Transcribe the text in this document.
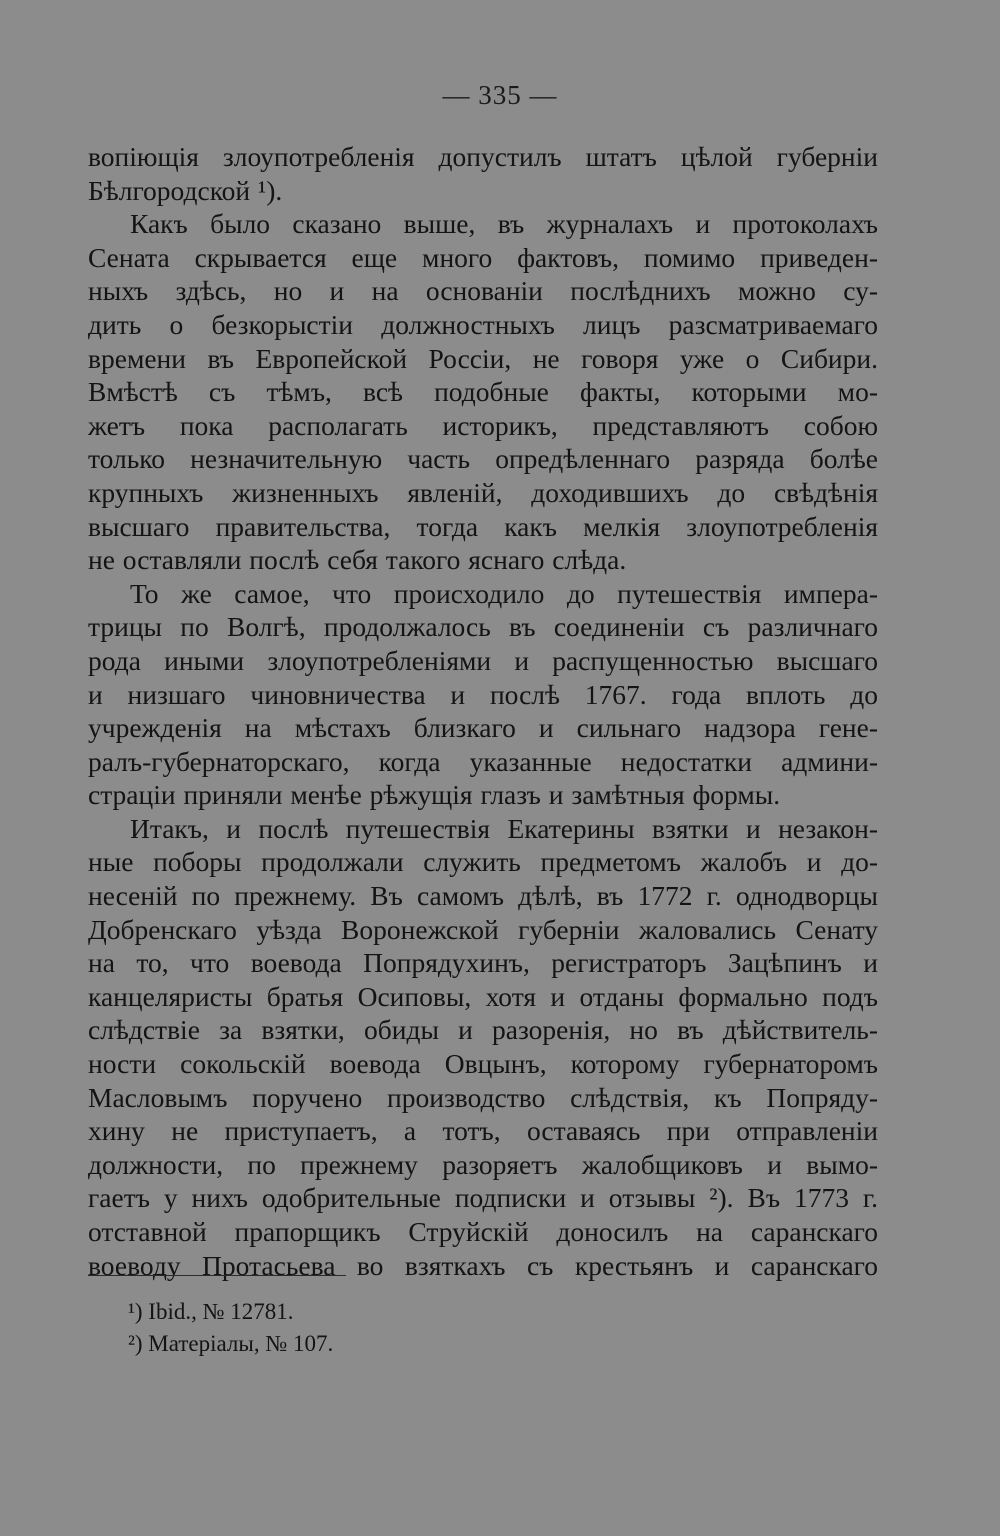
— 335 —
вопіющія злоупотребленія допустилъ штатъ цѣлой губерніи
Бѣлгородской ¹).
Какъ было сказано выше, въ журналахъ и протоколахъ
Сената скрывается еще много фактовъ, помимо приведен-
ныхъ здѣсь, но и на основаніи послѣднихъ можно су-
дить о безкорыстіи должностныхъ лицъ разсматриваемаго
времени въ Европейской Россіи, не говоря уже о Сибири.
Вмѣстѣ съ тѣмъ, всѣ подобные факты, которыми мо-
жетъ пока располагать историкъ, представляютъ собою
только незначительную часть опредѣленнаго разряда болѣе
крупныхъ жизненныхъ явленій, доходившихъ до свѣдѣнія
высшаго правительства, тогда какъ мелкія злоупотребленія
не оставляли послѣ себя такого яснаго слѣда.
То же самое, что происходило до путешествія импера-
трицы по Волгѣ, продолжалось въ соединеніи съ различнаго
рода иными злоупотребленіями и распущенностью высшаго
и низшаго чиновничества и послѣ 1767. года вплоть до
учрежденія на мѣстахъ близкаго и сильнаго надзора гене-
ралъ-губернаторскаго, когда указанные недостатки админи-
страціи приняли менѣе рѣжущія глазъ и замѣтныя формы.
Итакъ, и послѣ путешествія Екатерины взятки и незакон-
ные поборы продолжали служить предметомъ жалобъ и до-
несеній по прежнему. Въ самомъ дѣлѣ, въ 1772 г. однодворцы
Добренскаго уѣзда Воронежской губерніи жаловались Сенату
на то, что воевода Попрядухинъ, регистраторъ Зацѣпинъ и
канцеляристы братья Осиповы, хотя и отданы формально подъ
слѣдствіе за взятки, обиды и разоренія, но въ дѣйствитель-
ности сокольскій воевода Овцынъ, которому губернаторомъ
Масловымъ поручено производство слѣдствія, къ Попряду-
хину не приступаетъ, а тотъ, оставаясь при отправленіи
должности, по прежнему разоряетъ жалобщиковъ и вымо-
гаетъ у нихъ одобрительные подписки и отзывы ²). Въ 1773 г.
отставной прапорщикъ Струйскій доносилъ на саранскаго
воеводу Протасьева во взяткахъ съ крестьянъ и саранскаго
¹) Ibid., № 12781.
²) Матеріалы, № 107.
